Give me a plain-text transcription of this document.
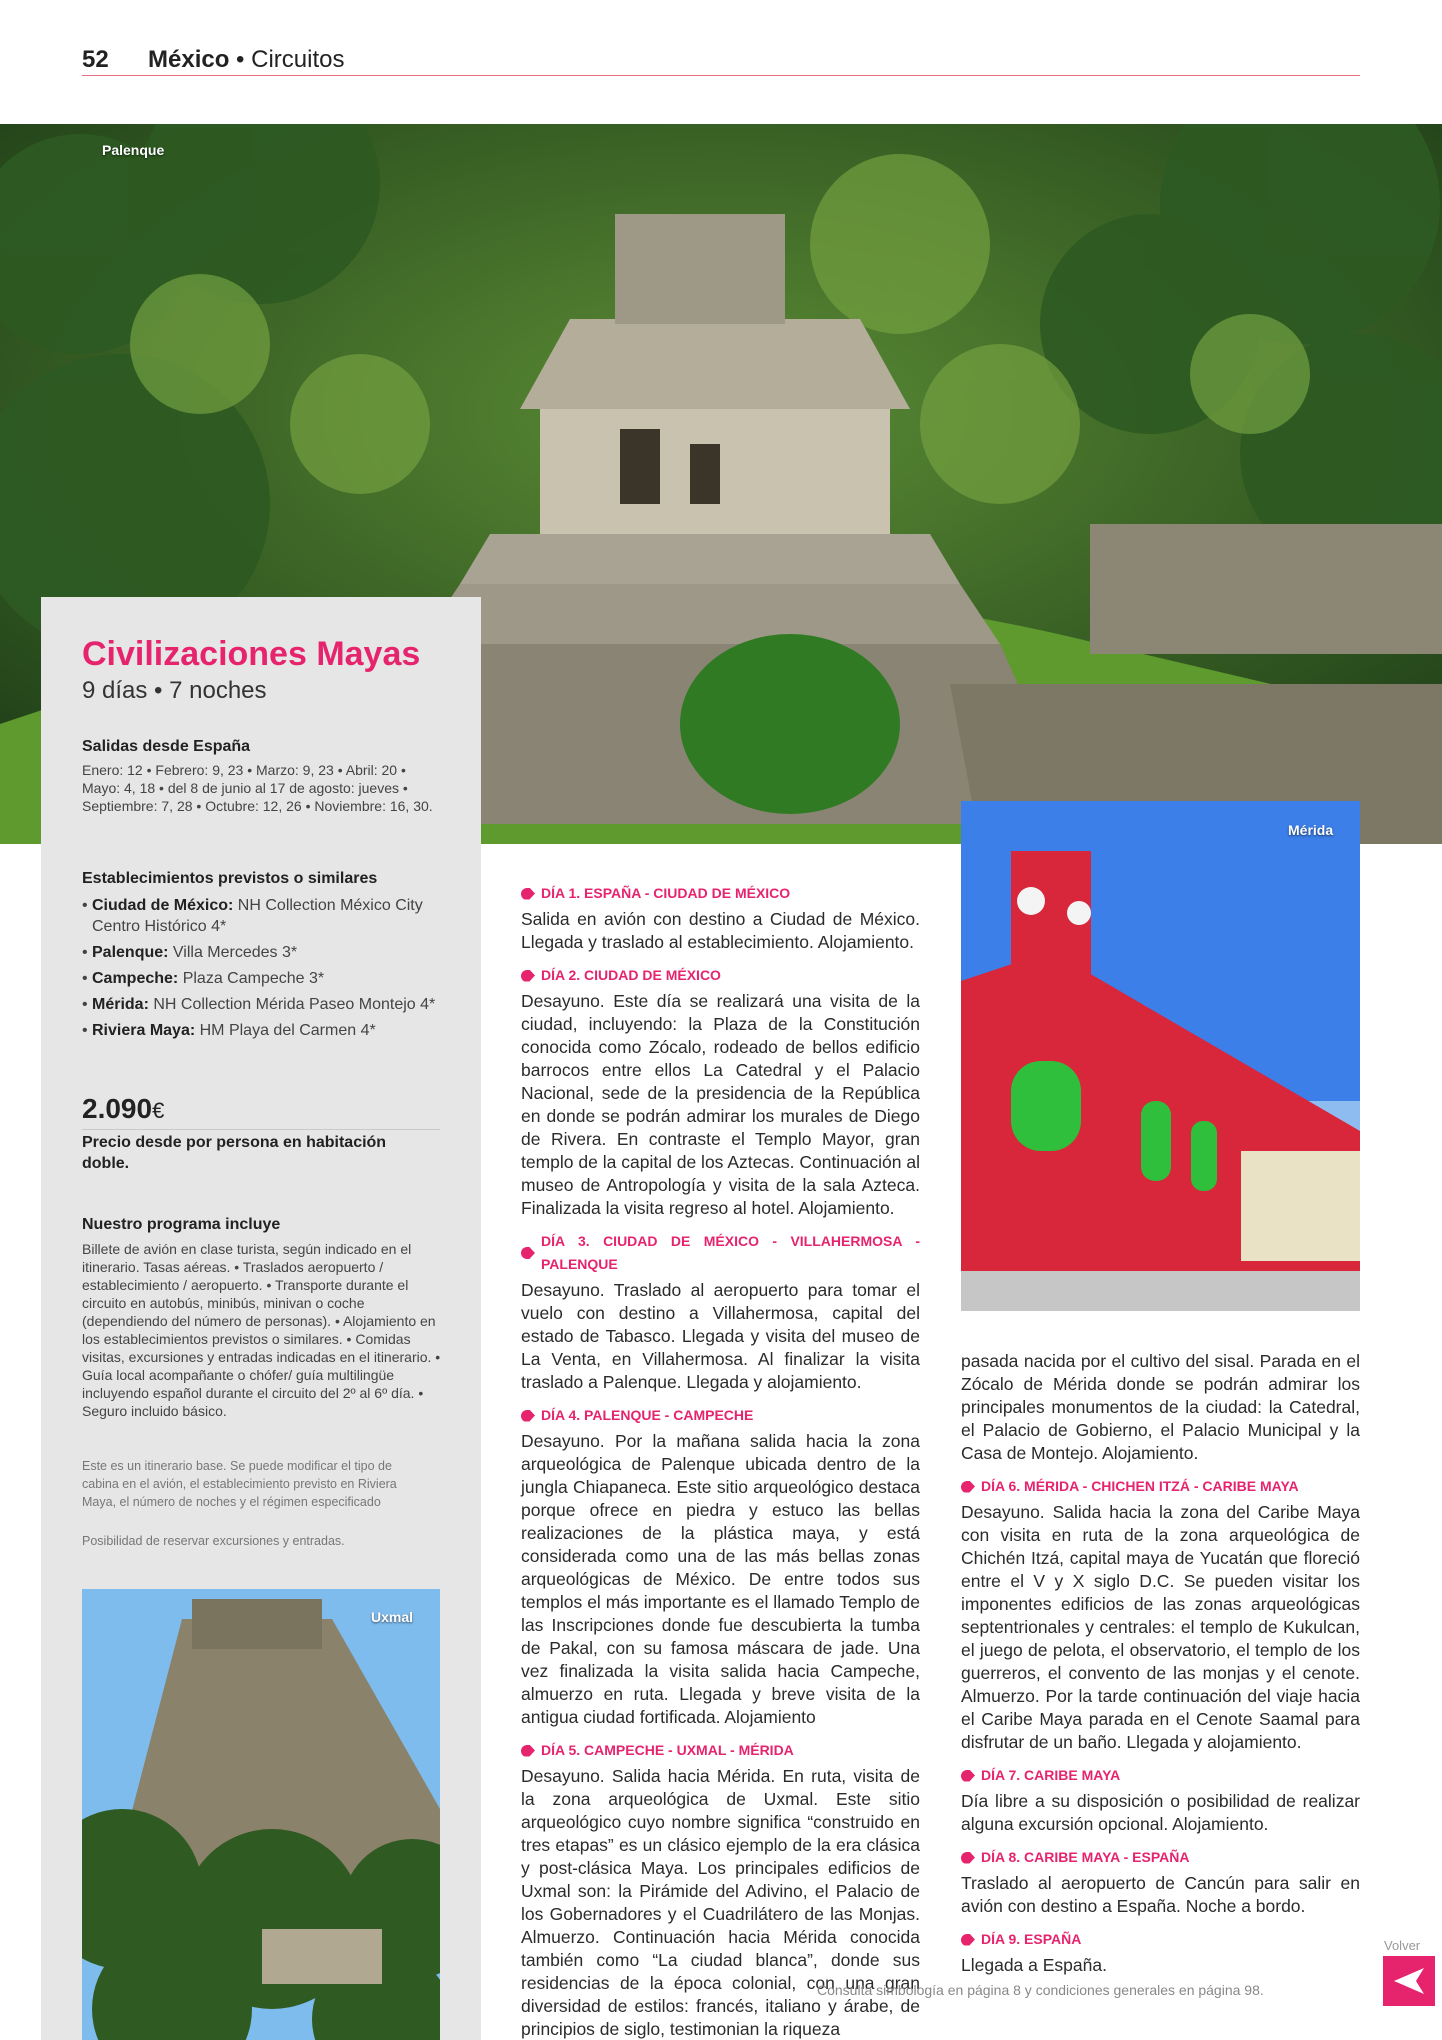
52 México • Circuitos
Palenque
Civilizaciones Mayas
9 días • 7 noches
Salidas desde España
Enero: 12 • Febrero: 9, 23 • Marzo: 9, 23 • Abril: 20 • Mayo: 4, 18 • del 8 de junio al 17 de agosto: jueves • Septiembre: 7, 28 • Octubre: 12, 26 • Noviembre: 16, 30.
Establecimientos previstos o similares
• Ciudad de México: NH Collection México City Centro Histórico 4*
• Palenque: Villa Mercedes 3*
• Campeche: Plaza Campeche 3*
• Mérida: NH Collection Mérida Paseo Montejo 4*
• Riviera Maya: HM Playa del Carmen 4*
2.090€
Precio desde por persona en habitación doble.
Nuestro programa incluye
Billete de avión en clase turista, según indicado en el itinerario. Tasas aéreas. • Traslados aeropuerto / establecimiento / aeropuerto. • Transporte durante el circuito en autobús, minibús, minivan o coche (dependiendo del número de personas). • Alojamiento en los establecimientos previstos o similares. • Comidas visitas, excursiones y entradas indicadas en el itinerario. • Guía local acompañante o chófer/ guía multilingüe incluyendo español durante el circuito del 2º al 6º día. • Seguro incluido básico.
Este es un itinerario base. Se puede modificar el tipo de cabina en el avión, el establecimiento previsto en Riviera Maya, el número de noches y el régimen especificado
Posibilidad de reservar excursiones y entradas.
Uxmal
Mérida
DÍA 1. ESPAÑA - CIUDAD DE MÉXICO
Salida en avión con destino a Ciudad de México. Llegada y traslado al establecimiento. Alojamiento.
DÍA 2. CIUDAD DE MÉXICO
Desayuno. Este día se realizará una visita de la ciudad, incluyendo: la Plaza de la Constitución conocida como Zócalo, rodeado de bellos edificio barrocos entre ellos La Catedral y el Palacio Nacional, sede de la presidencia de la República en donde se podrán admirar los murales de Diego de Rivera. En contraste el Templo Mayor, gran templo de la capital de los Aztecas. Continuación al museo de Antropología y visita de la sala Azteca. Finalizada la visita regreso al hotel. Alojamiento.
DÍA 3. CIUDAD DE MÉXICO - VILLAHERMOSA - PALENQUE
Desayuno. Traslado al aeropuerto para tomar el vuelo con destino a Villahermosa, capital del estado de Tabasco. Llegada y visita del museo de La Venta, en Villahermosa. Al finalizar la visita traslado a Palenque. Llegada y alojamiento.
DÍA 4. PALENQUE - CAMPECHE
Desayuno. Por la mañana salida hacia la zona arqueológica de Palenque ubicada dentro de la jungla Chiapaneca. Este sitio arqueológico destaca porque ofrece en piedra y estuco las bellas realizaciones de la plástica maya, y está considerada como una de las más bellas zonas arqueológicas de México. De entre todos sus templos el más importante es el llamado Templo de las Inscripciones donde fue descubierta la tumba de Pakal, con su famosa máscara de jade. Una vez finalizada la visita salida hacia Campeche, almuerzo en ruta. Llegada y breve visita de la antigua ciudad fortificada. Alojamiento
DÍA 5. CAMPECHE - UXMAL - MÉRIDA
Desayuno. Salida hacia Mérida. En ruta, visita de la zona arqueológica de Uxmal. Este sitio arqueológico cuyo nombre significa “construido en tres etapas” es un clásico ejemplo de la era clásica y post-clásica Maya. Los principales edificios de Uxmal son: la Pirámide del Adivino, el Palacio de los Gobernadores y el Cuadrilátero de las Monjas. Almuerzo. Continuación hacia Mérida conocida también como “La ciudad blanca”, donde sus residencias de la época colonial, con una gran diversidad de estilos: francés, italiano y árabe, de principios de siglo, testimonian la riqueza
pasada nacida por el cultivo del sisal. Parada en el Zócalo de Mérida donde se podrán admirar los principales monumentos de la ciudad: la Catedral, el Palacio de Gobierno, el Palacio Municipal y la Casa de Montejo. Alojamiento.
DÍA 6. MÉRIDA - CHICHEN ITZÁ - CARIBE MAYA
Desayuno. Salida hacia la zona del Caribe Maya con visita en ruta de la zona arqueológica de Chichén Itzá, capital maya de Yucatán que floreció entre el V y X siglo D.C. Se pueden visitar los imponentes edificios de las zonas arqueológicas septentrionales y centrales: el templo de Kukulcan, el juego de pelota, el observatorio, el templo de los guerreros, el convento de las monjas y el cenote. Almuerzo. Por la tarde continuación del viaje hacia el Caribe Maya parada en el Cenote Saamal para disfrutar de un baño. Llegada y alojamiento.
DÍA 7. CARIBE MAYA
Día libre a su disposición o posibilidad de realizar alguna excursión opcional. Alojamiento.
DÍA 8. CARIBE MAYA - ESPAÑA
Traslado al aeropuerto de Cancún para salir en avión con destino a España. Noche a bordo.
DÍA 9. ESPAÑA
Llegada a España.
Consulta simbología en página 8 y condiciones generales en página 98.
Volver
